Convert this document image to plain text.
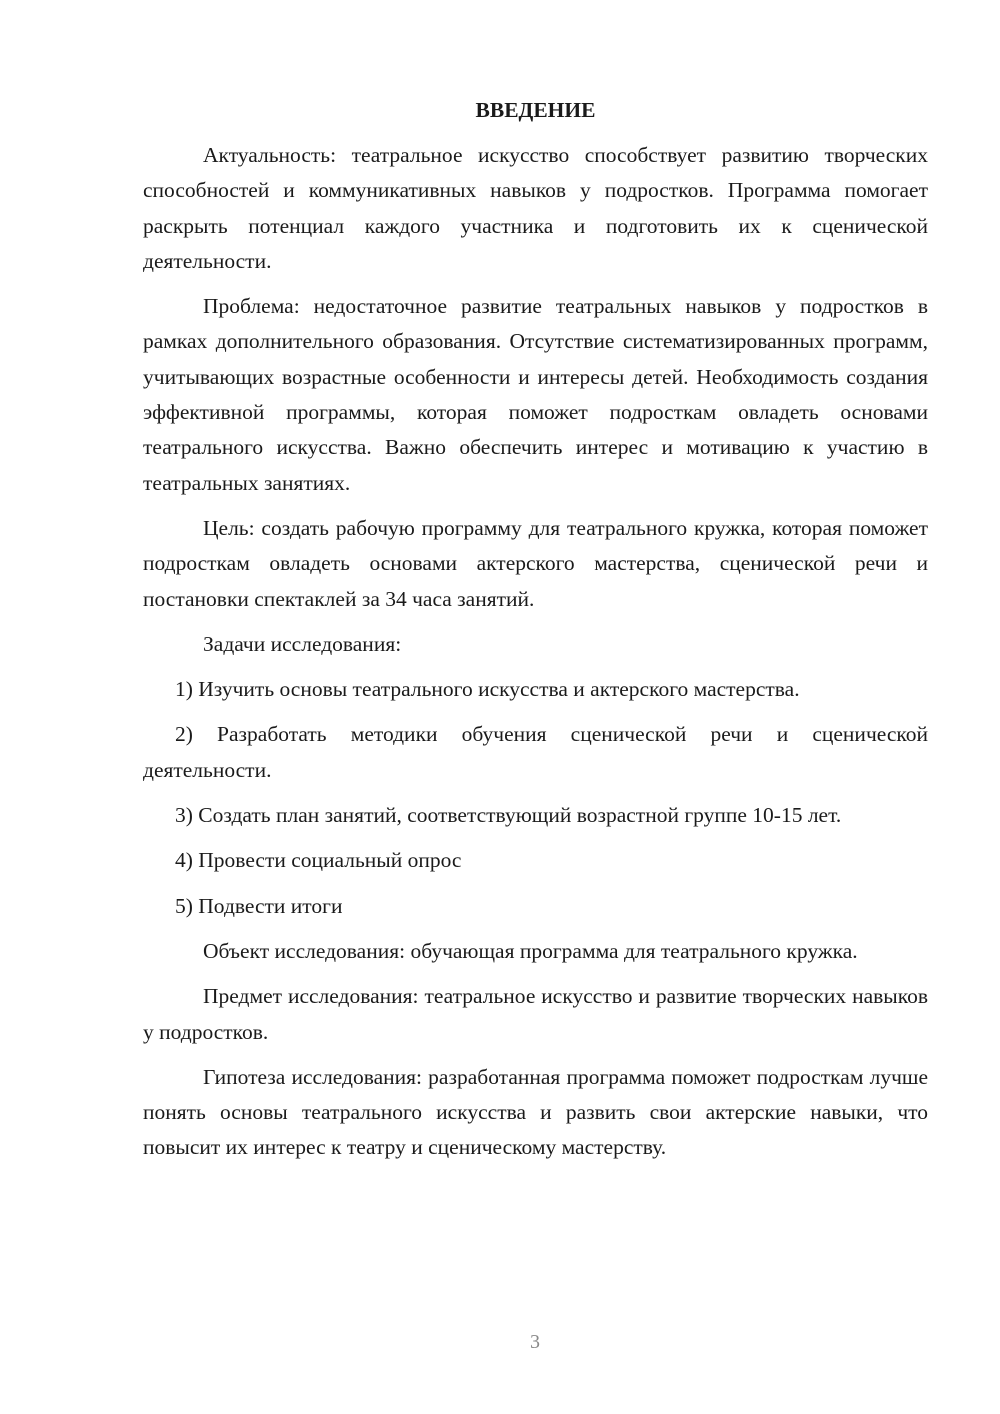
ВВЕДЕНИЕ
Актуальность: театральное искусство способствует развитию творческих способностей и коммуникативных навыков у подростков. Программа помогает раскрыть потенциал каждого участника и подготовить их к сценической деятельности.
Проблема: недостаточное развитие театральных навыков у подростков в рамках дополнительного образования. Отсутствие систематизированных программ, учитывающих возрастные особенности и интересы детей. Необходимость создания эффективной программы, которая поможет подросткам овладеть основами театрального искусства. Важно обеспечить интерес и мотивацию к участию в театральных занятиях.
Цель: создать рабочую программу для театрального кружка, которая поможет подросткам овладеть основами актерского мастерства, сценической речи и постановки спектаклей за 34 часа занятий.
Задачи исследования:
1) Изучить основы театрального искусства и актерского мастерства.
2) Разработать методики обучения сценической речи и сценической деятельности.
3) Создать план занятий, соответствующий возрастной группе 10-15 лет.
4) Провести социальный опрос
5) Подвести итоги
Объект исследования: обучающая программа для театрального кружка.
Предмет исследования: театральное искусство и развитие творческих навыков у подростков.
Гипотеза исследования: разработанная программа поможет подросткам лучше понять основы театрального искусства и развить свои актерские навыки, что повысит их интерес к театру и сценическому мастерству.
3
